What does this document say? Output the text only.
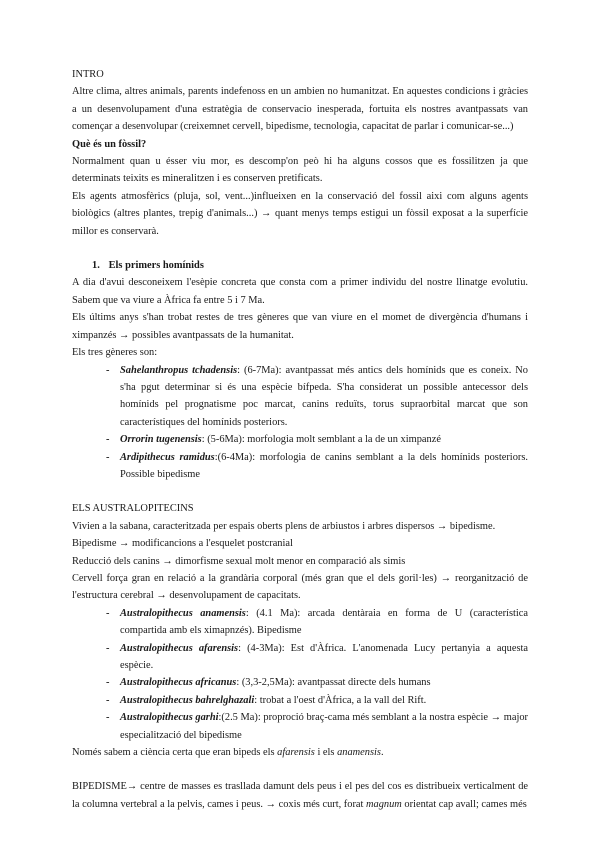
INTRO

Altre clima, altres animals, parents indefenoss en un ambien no humanitzat. En aquestes condicions i gràcies a un desenvolupament d'una estratègia de conservacio inesperada, fortuita els nostres avantpassats van començar a desenvolupar (creixemnet cervell, bipedisme, tecnologia, capacitat de parlar i comunicar-se...)

Què és un fòssil?

Normalment quan u ésser viu mor, es descomp'on peò hi ha alguns cossos que es fossilitzen ja que determinats teixits es mineralitzen i es conserven pretificats.

Els agents atmosfèrics (pluja, sol, vent...)influeixen en la conservació del fossil aixi com alguns agents biològics (altres plantes, trepig d'animals...) → quant menys temps estigui un fòssil exposat a la superfície millor es conservarà.

1. Els primers homínids

A dia d'avui desconeixem l'esèpie concreta que consta com a primer individu del nostre llinatge evolutiu. Sabem que va viure a Àfrica fa entre 5 i 7 Ma.

Els últims anys s'han trobat restes de tres gèneres que van viure en el momet de divergència d'humans i ximpanzés → possibles avantpassats de la humanitat.

Els tres gèneres son:

- Sahelanthropus tchadensis: (6-7Ma): avantpassat més antics dels homínids que es coneix. No s'ha pgut determinar si és una espècie bífpeda. S'ha considerat un possible antecessor dels homínids pel prognatisme poc marcat, canins reduïts, torus supraorbital marcat que son característiques del homínids posteriors.
- Orrorin tugenensis: (5-6Ma): morfologia molt semblant a la de un ximpanzé
- Ardipithecus ramidus:(6-4Ma): morfologia de canins semblant a la dels homínids posteriors. Possible bipedisme

ELS AUSTRALOPITECINS

Vivien a la sabana, caracteritzada per espais oberts plens de arbiustos i arbres dispersos → bipedisme.

Bipedisme → modificancions a l'esquelet postcranial

Reducció dels canins → dimorfisme sexual molt menor en comparació als simis

Cervell força gran en relació a la grandària corporal (més gran que el dels goril·les) → reorganització de l'estructura cerebral → desenvolupament de capacitats.

- Australopithecus anamensis: (4.1 Ma): arcada dentàraia en forma de U (característica compartida amb els ximapnzés). Bipedisme
- Australopithecus afarensis: (4-3Ma): Est d'Àfrica. L'anomenada Lucy pertanyia a aquesta espècie.
- Australopithecus africanus: (3,3-2,5Ma): avantpassat directe dels humans
- Australopithecus bahrelghazali: trobat a l'oest d'Àfrica, a la vall del Rift.
- Australopithecus garhi:(2.5 Ma): proproció braç-cama més semblant a la nostra espècie → major especialització del bipedisme

Només sabem a ciència certa que eran bipeds els afarensis i els anamensis.

BIPEDISME→ centre de masses es trasllada damunt dels peus i el pes del cos es distribueix verticalment de la columna vertebral a la pelvis, cames i peus. → coxis més curt, forat magnum orientat cap avall; cames més
